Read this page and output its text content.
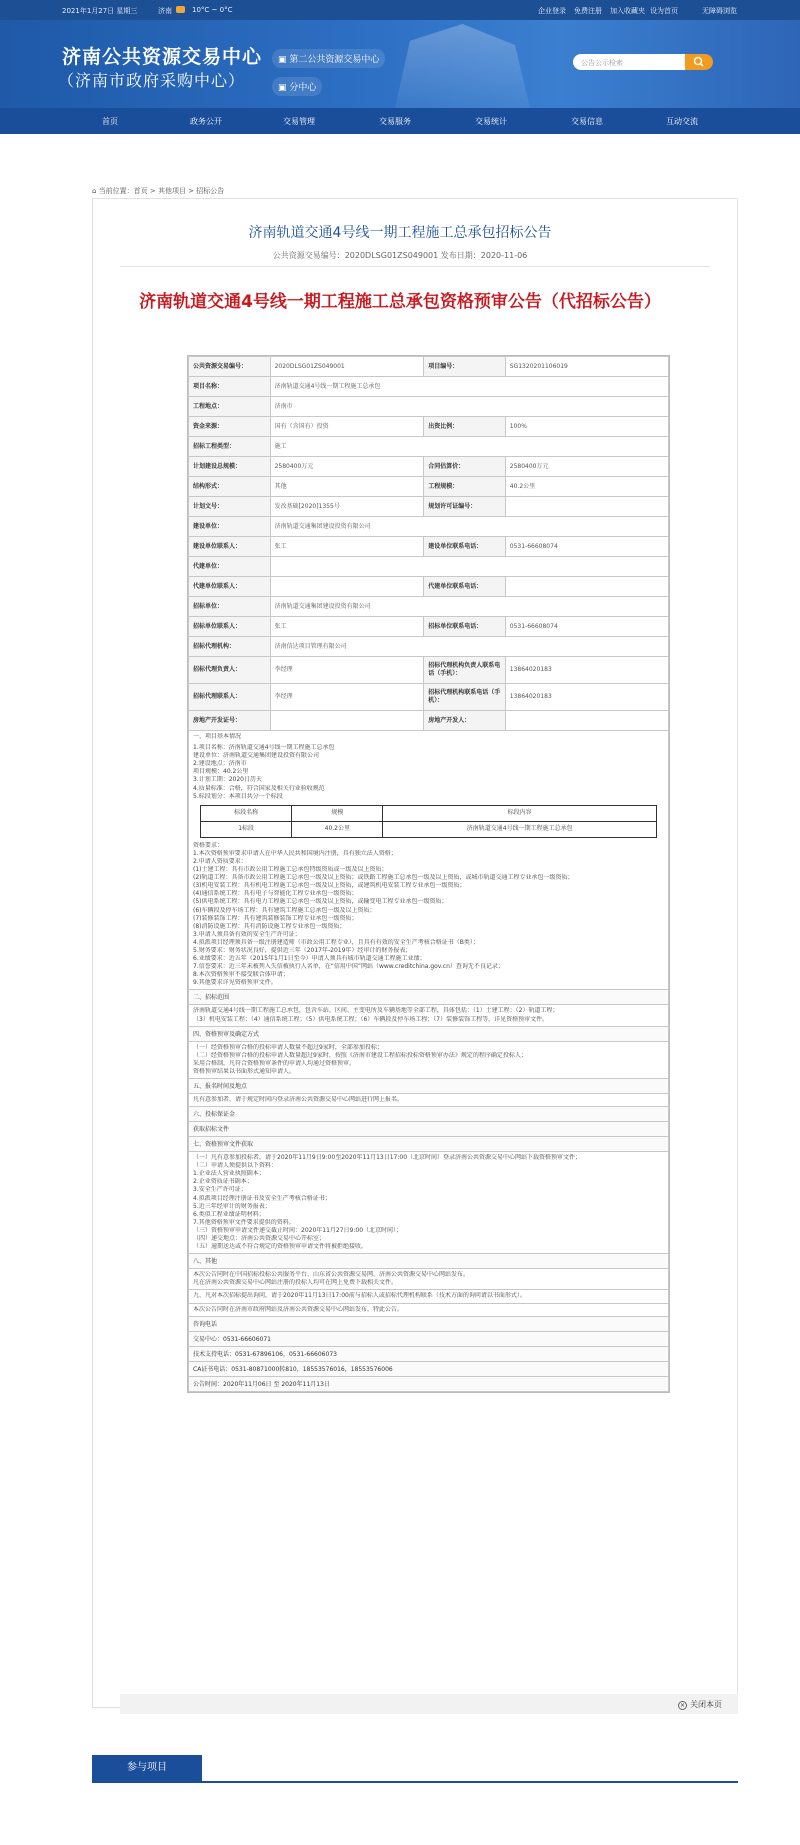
2021年1月27日 星期三	济南	10°C ~ 0°C	企业登录 免费注册 加入收藏夹 设为首页	无障碍浏览
济南公共资源交易中心
（济南市政府采购中心）
▣ 第二公共资源交易中心
▣ 分中心
公告公示检索
首页	政务公开	交易管理	交易服务	交易统计	交易信息	互动交流
⌂ 当前位置：首页 > 其他项目 > 招标公告
济南轨道交通4号线一期工程施工总承包招标公告
公共资源交易编号：2020DLSG01ZS049001 发布日期：2020-11-06
济南轨道交通4号线一期工程施工总承包资格预审公告（代招标公告）
公共资源交易编号：	2020DLSG01ZS049001	项目编号：	SG1320201106019
项目名称：	济南轨道交通4号线一期工程施工总承包		
工程地点：	济南市		
资金来源：	国有（含国有）投资	出资比例：	100%
招标工程类型：	施工		
计划建设总规模：	2580400万元	合同估算价：	2580400万元
结构形式：	其他	工程规模：	40.2公里
计划文号：	发改基础[2020]1355号	规划许可证编号：	
建设单位：	济南轨道交通集团建设投资有限公司		
建设单位联系人：	张工	建设单位联系电话：	0531-66608074
代建单位：			
代建单位联系人：		代建单位联系电话：	
招标单位：	济南轨道交通集团建设投资有限公司		
招标单位联系人：	张工	招标单位联系电话：	0531-66608074
招标代理机构：	济南信达项目管理有限公司		
招标代理负责人：	李经理	招标代理机构负责人联系电话（手机）：	13864020183
招标代理联系人：	李经理	招标代理机构联系电话（手机）：	13864020183
房地产开发证号：		房地产开发人：	

一、项目基本情况

1.项目名称：济南轨道交通4号线一期工程施工总承包

建设单位：济南轨道交通集团建设投资有限公司

2.建设地点：济南市

项目规模：40.2公里

3.计划工期：2020日历天

4.质量标准：合格，符合国家及相关行业验收规范

5.标段划分：本项目共分一个标段

标段名称	规模	标段内容
1标段	40.2公里	济南轨道交通4号线一期工程施工总承包

资格要求：

1.本次资格预审要求申请人在中华人民共和国境内注册，具有独立法人资格；

2.申请人资质要求：

(1)土建工程：具有市政公用工程施工总承包特级资质或一级及以上资质；

(2)轨道工程：具备市政公用工程施工总承包一级及以上资质；或铁路工程施工总承包一级及以上资质，或城市轨道交通工程专业承包一级资质；

(3)机电安装工程：具有机电工程施工总承包一级及以上资质，或建筑机电安装工程专业承包一级资质；

(4)通信系统工程：具有电子与智能化工程专业承包一级资质；

(5)供电系统工程：具有电力工程施工总承包一级及以上资质，或输变电工程专业承包一级资质；

(6)车辆段及停车场工程：具有建筑工程施工总承包一级及以上资质；

(7)装修装饰工程：具有建筑装修装饰工程专业承包一级资质；

(8)消防设施工程：具有消防设施工程专业承包一级资质；

3.申请人须具备有效的安全生产许可证；

4.拟派项目经理须具备一级注册建造师（市政公用工程专业），且具有有效的安全生产考核合格证书（B类）；

5.财务要求：财务状况良好，提供近三年（2017年-2019年）经审计的财务报表；

6.业绩要求：近五年（2015年1月1日至今）申请人须具有城市轨道交通工程施工业绩；

7.信誉要求：近三年未被列入失信被执行人名单，在“信用中国”网站（www.creditchina.gov.cn）查询无不良记录；

8.本次资格预审不接受联合体申请；

9.其他要求详见资格预审文件。

二、招标范围

济南轨道交通4号线一期工程施工总承包，包含车站、区间、主变电所及车辆基地等全部工程，具体包括：（1）土建工程；（2）轨道工程；

（3）机电安装工程；（4）通信系统工程；（5）供电系统工程；（6）车辆段及停车场工程；（7）装修装饰工程等，详见资格预审文件。

四、资格预审及确定方式

（一）经资格预审合格的投标申请人数量不超过9家时，全部参加投标；

（二）经资格预审合格的投标申请人数量超过9家时，按照《济南市建设工程招标投标资格预审办法》规定的程序确定投标人；

采用合格制，凡符合资格预审条件的申请人均通过资格预审。

资格预审结果以书面形式通知申请人。

五、报名时间及地点

凡有意参加者，请于规定时间内登录济南公共资源交易中心网站进行网上报名。

六、投标保证金
获取招标文件
七、资格预审文件获取

（一）凡有意参加投标者，请于2020年11月9日9:00至2020年11月13日17:00（北京时间）登录济南公共资源交易中心网站下载资格预审文件；

（二）申请人须提供以下资料：

1.企业法人营业执照副本；

2.企业资质证书副本；

3.安全生产许可证；

4.拟派项目经理注册证书及安全生产考核合格证书；

5.近三年经审计的财务报表；

6.类似工程业绩证明材料；

7.其他资格预审文件要求提供的资料。

（三）资格预审申请文件递交截止时间：2020年11月27日9:00（北京时间）；

（四）递交地点：济南公共资源交易中心开标室；

（五）逾期送达或不符合规定的资格预审申请文件将被拒绝接收。

八、其他

本次公告同时在中国招标投标公共服务平台、山东省公共资源交易网、济南公共资源交易中心网站发布。

凡在济南公共资源交易中心网站注册的投标人均可在网上免费下载相关文件。

九、凡对本次招标提出询问，请于2020年11月13日17:00前与招标人或招标代理机构联系（技术方面的询问请以书面形式）。

本次公告同时在济南市政府网站及济南公共资源交易中心网站发布，特此公告。

咨询电话
交易中心：0531-66606071
技术支持电话：0531-67896106，0531-66606073
CA证书电话：0531-80871000转810，18553576016，18553576006
公告时间：2020年11月06日 至 2020年11月13日
× 关闭本页
参与项目
